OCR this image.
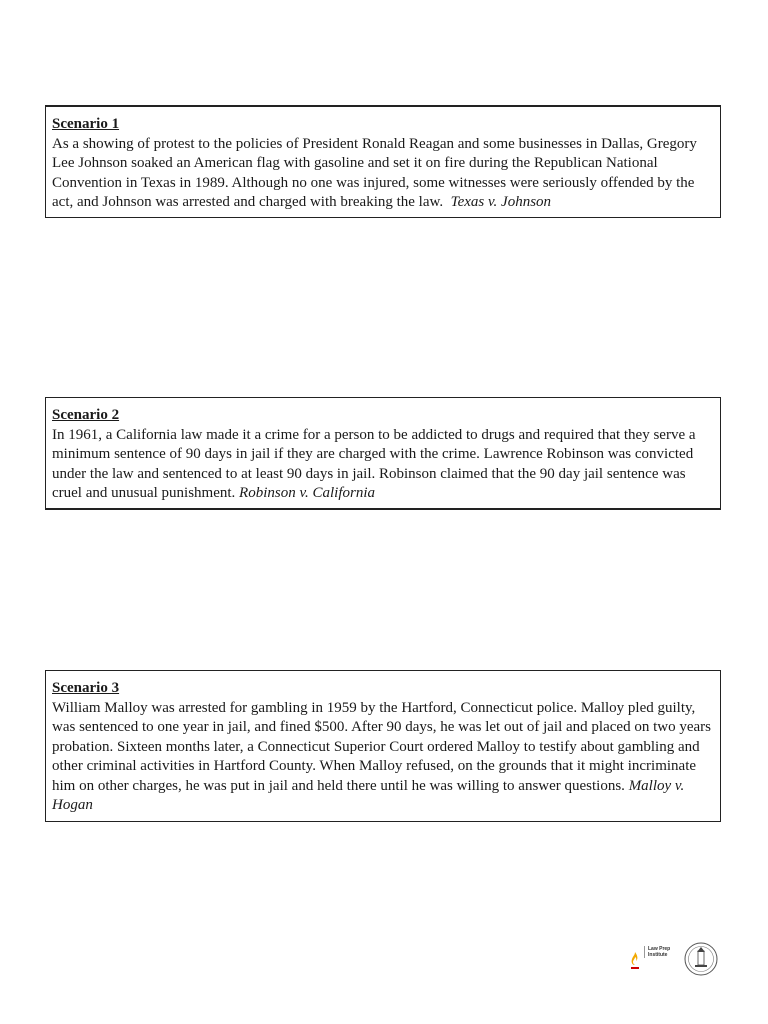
Scenario 1
As a showing of protest to the policies of President Ronald Reagan and some businesses in Dallas, Gregory Lee Johnson soaked an American flag with gasoline and set it on fire during the Republican National Convention in Texas in 1989. Although no one was injured, some witnesses were seriously offended by the act, and Johnson was arrested and charged with breaking the law. Texas v. Johnson
Scenario 2
In 1961, a California law made it a crime for a person to be addicted to drugs and required that they serve a minimum sentence of 90 days in jail if they are charged with the crime. Lawrence Robinson was convicted under the law and sentenced to at least 90 days in jail. Robinson claimed that the 90 day jail sentence was cruel and unusual punishment. Robinson v. California
Scenario 3
William Malloy was arrested for gambling in 1959 by the Hartford, Connecticut police. Malloy pled guilty, was sentenced to one year in jail, and fined $500. After 90 days, he was let out of jail and placed on two years probation. Sixteen months later, a Connecticut Superior Court ordered Malloy to testify about gambling and other criminal activities in Hartford County. When Malloy refused, on the grounds that it might incriminate him on other charges, he was put in jail and held there until he was willing to answer questions. Malloy v. Hogan
Law Prep
Institute
